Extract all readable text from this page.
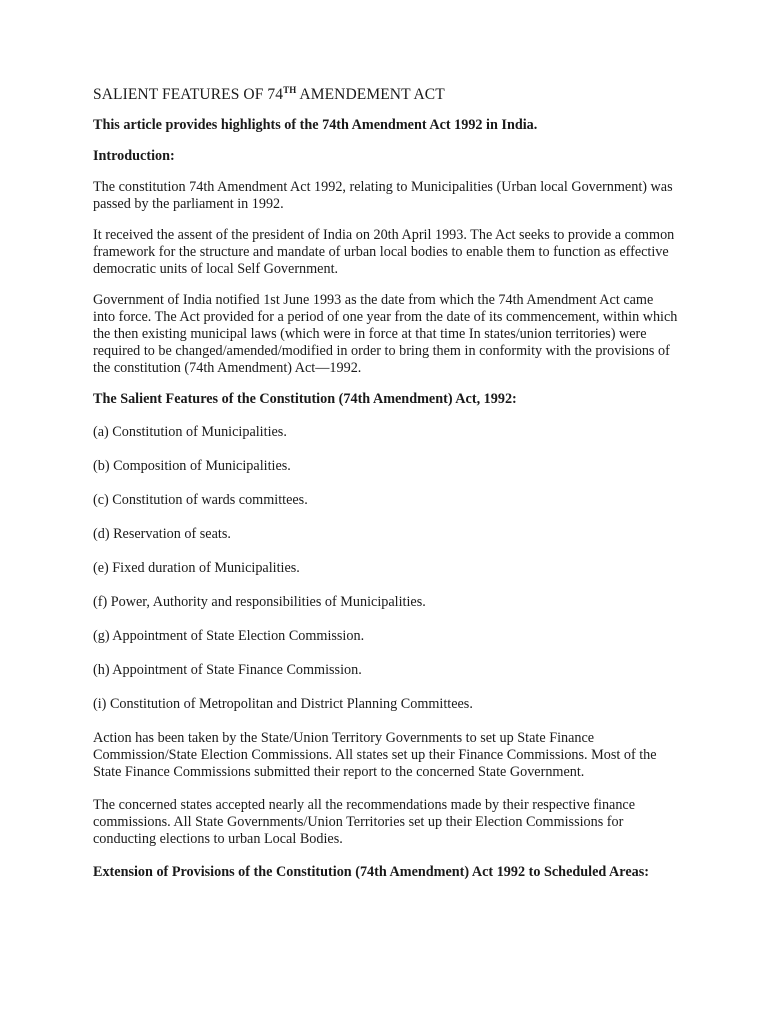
SALIENT FEATURES OF 74TH AMENDEMENT ACT

This article provides highlights of the 74th Amendment Act 1992 in India.

Introduction:

The constitution 74th Amendment Act 1992, relating to Municipalities (Urban local Government) was passed by the parliament in 1992.

It received the assent of the president of India on 20th April 1993. The Act seeks to provide a common framework for the structure and mandate of urban local bodies to enable them to function as effective democratic units of local Self Government.

Government of India notified 1st June 1993 as the date from which the 74th Amendment Act came into force. The Act provided for a period of one year from the date of its commencement, within which the then existing municipal laws (which were in force at that time In states/union territories) were required to be changed/amended/modified in order to bring them in conformity with the provisions of the constitution (74th Amendment) Act—1992.

The Salient Features of the Constitution (74th Amendment) Act, 1992:

(a) Constitution of Municipalities.

(b) Composition of Municipalities.

(c) Constitution of wards committees.

(d) Reservation of seats.

(e) Fixed duration of Municipalities.

(f) Power, Authority and responsibilities of Municipalities.

(g) Appointment of State Election Commission.

(h) Appointment of State Finance Commission.

(i) Constitution of Metropolitan and District Planning Committees.

Action has been taken by the State/Union Territory Governments to set up State Finance Commission/State Election Commissions. All states set up their Finance Commissions. Most of the State Finance Commissions submitted their report to the concerned State Government.

The concerned states accepted nearly all the recommendations made by their respective finance commissions. All State Governments/Union Territories set up their Election Commissions for conducting elections to urban Local Bodies.

Extension of Provisions of the Constitution (74th Amendment) Act 1992 to Scheduled Areas:
